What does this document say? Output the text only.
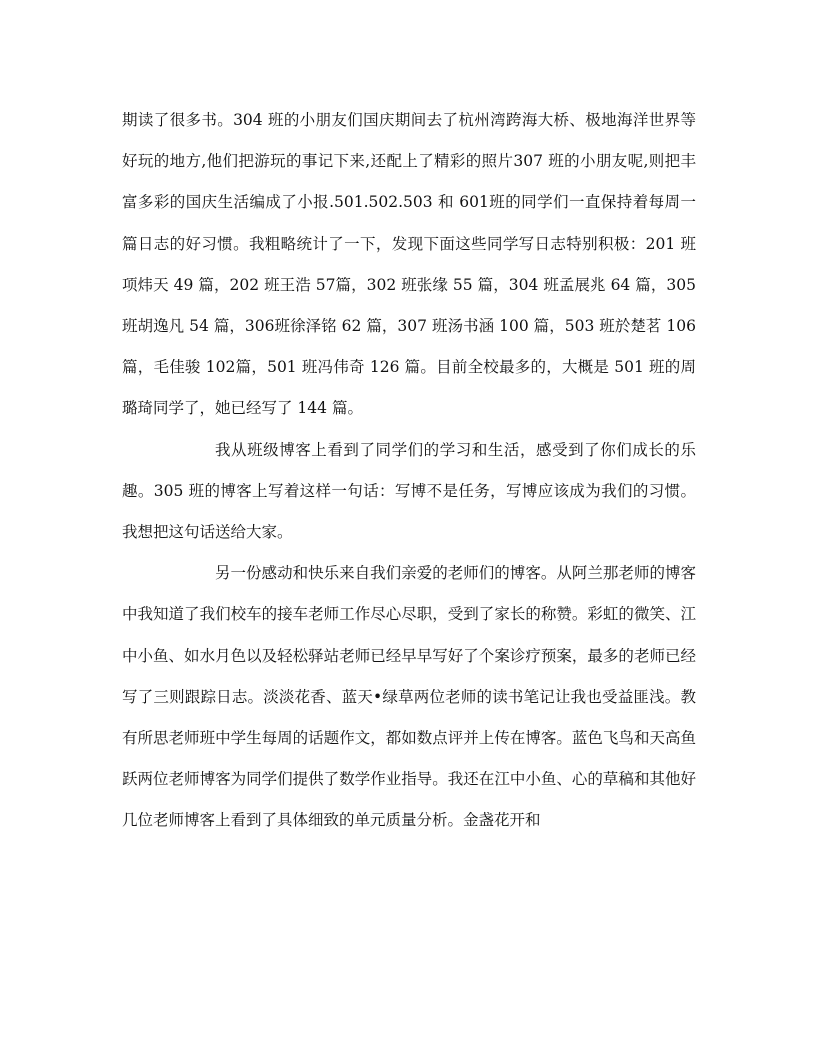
期读了很多书。304 班的小朋友们国庆期间去了杭州湾跨海大桥、极地海洋世界等好玩的地方,他们把游玩的事记下来,还配上了精彩的照片307 班的小朋友呢,则把丰富多彩的国庆生活编成了小报.501.502.503 和 601班的同学们一直保持着每周一篇日志的好习惯。我粗略统计了一下，发现下面这些同学写日志特别积极：201 班项炜天 49 篇，202 班王浩 57篇，302 班张缘 55 篇，304 班孟展兆 64 篇，305 班胡逸凡 54 篇，306班徐泽铭 62 篇，307 班汤书涵 100 篇，503 班於楚茗 106 篇，毛佳骏 102篇，501 班冯伟奇 126 篇。目前全校最多的，大概是 501 班的周璐琦同学了，她已经写了 144 篇。

我从班级博客上看到了同学们的学习和生活，感受到了你们成长的乐趣。305 班的博客上写着这样一句话：写博不是任务，写博应该成为我们的习惯。我想把这句话送给大家。

另一份感动和快乐来自我们亲爱的老师们的博客。从阿兰那老师的博客中我知道了我们校车的接车老师工作尽心尽职，受到了家长的称赞。彩虹的微笑、江中小鱼、如水月色以及轻松驿站老师已经早早写好了个案诊疗预案，最多的老师已经写了三则跟踪日志。淡淡花香、蓝天•绿草两位老师的读书笔记让我也受益匪浅。教有所思老师班中学生每周的话题作文，都如数点评并上传在博客。蓝色飞鸟和天高鱼跃两位老师博客为同学们提供了数学作业指导。我还在江中小鱼、心的草稿和其他好几位老师博客上看到了具体细致的单元质量分析。金盏花开和
